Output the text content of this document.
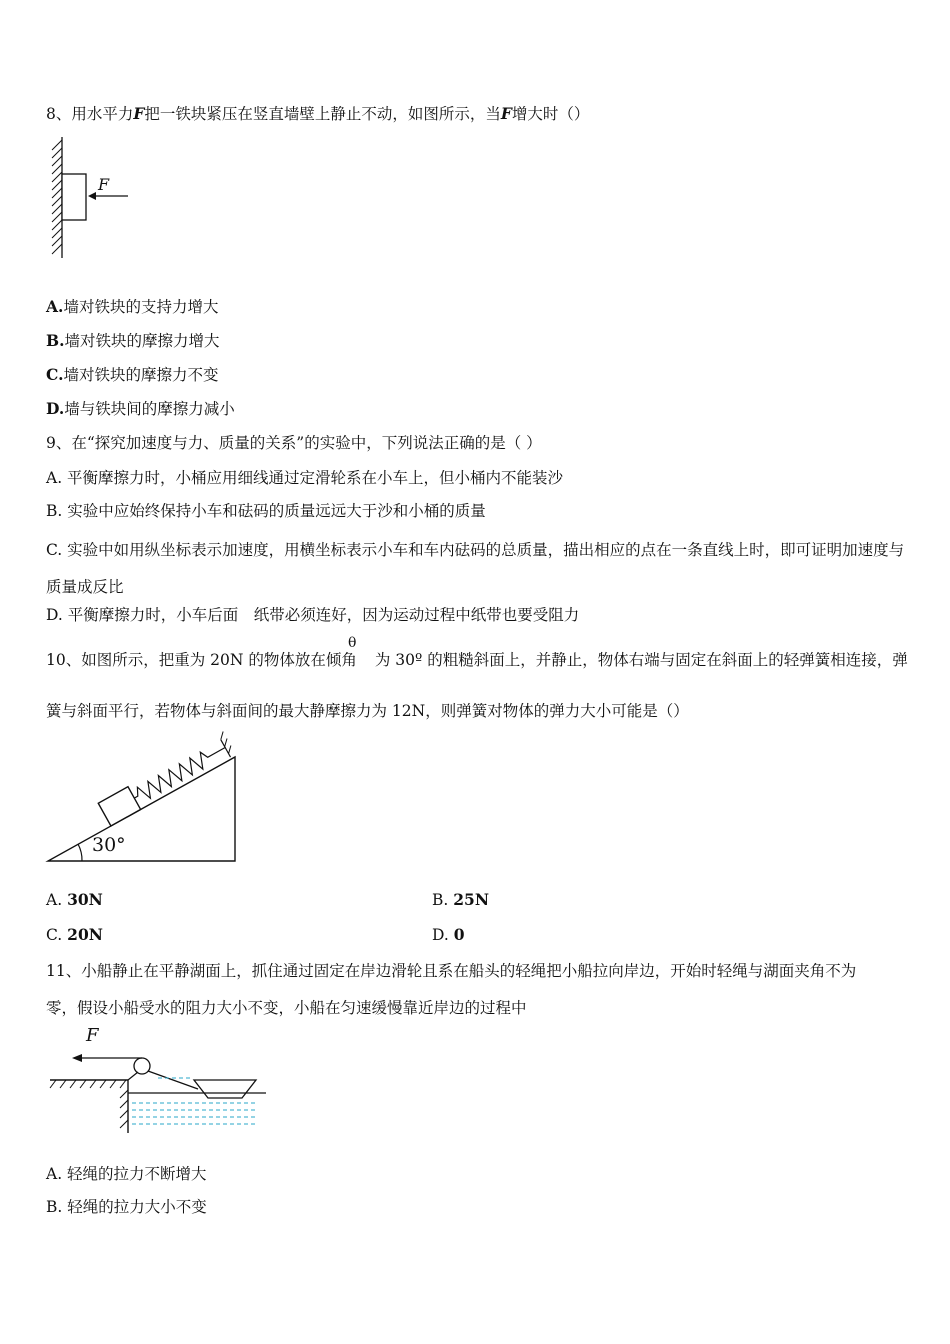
8、用水平力F把一铁块紧压在竖直墙壁上静止不动，如图所示，当F增大时（）
F
A.墙对铁块的支持力增大
B.墙对铁块的摩擦力增大
C.墙对铁块的摩擦力不变
D.墙与铁块间的摩擦力减小
9、在“探究加速度与力、质量的关系”的实验中，下列说法正确的是（ ）
A. 平衡摩擦力时，小桶应用细线通过定滑轮系在小车上，但小桶内不能装沙
B. 实验中应始终保持小车和砝码的质量远远大于沙和小桶的质量
C. 实验中如用纵坐标表示加速度，用横坐标表示小车和车内砝码的总质量，描出相应的点在一条直线上时，即可证明加速度与质量成反比
D. 平衡摩擦力时，小车后面　纸带必须连好，因为运动过程中纸带也要受阻力
10、如图所示，把重为 20N 的物体放在倾角 为 30º 的粗糙斜面上，并静止，物体右端与固定在斜面上的轻弹簧相连接，弹
θ
簧与斜面平行，若物体与斜面间的最大静摩擦力为 12N，则弹簧对物体的弹力大小可能是（）
30°
A. 30N	B. 25N
C. 20N	D. 0
11、小船静止在平静湖面上，抓住通过固定在岸边滑轮且系在船头的轻绳把小船拉向岸边，开始时轻绳与湖面夹角不为
零，假设小船受水的阻力大小不变，小船在匀速缓慢靠近岸边的过程中
F
A. 轻绳的拉力不断增大
B. 轻绳的拉力大小不变
